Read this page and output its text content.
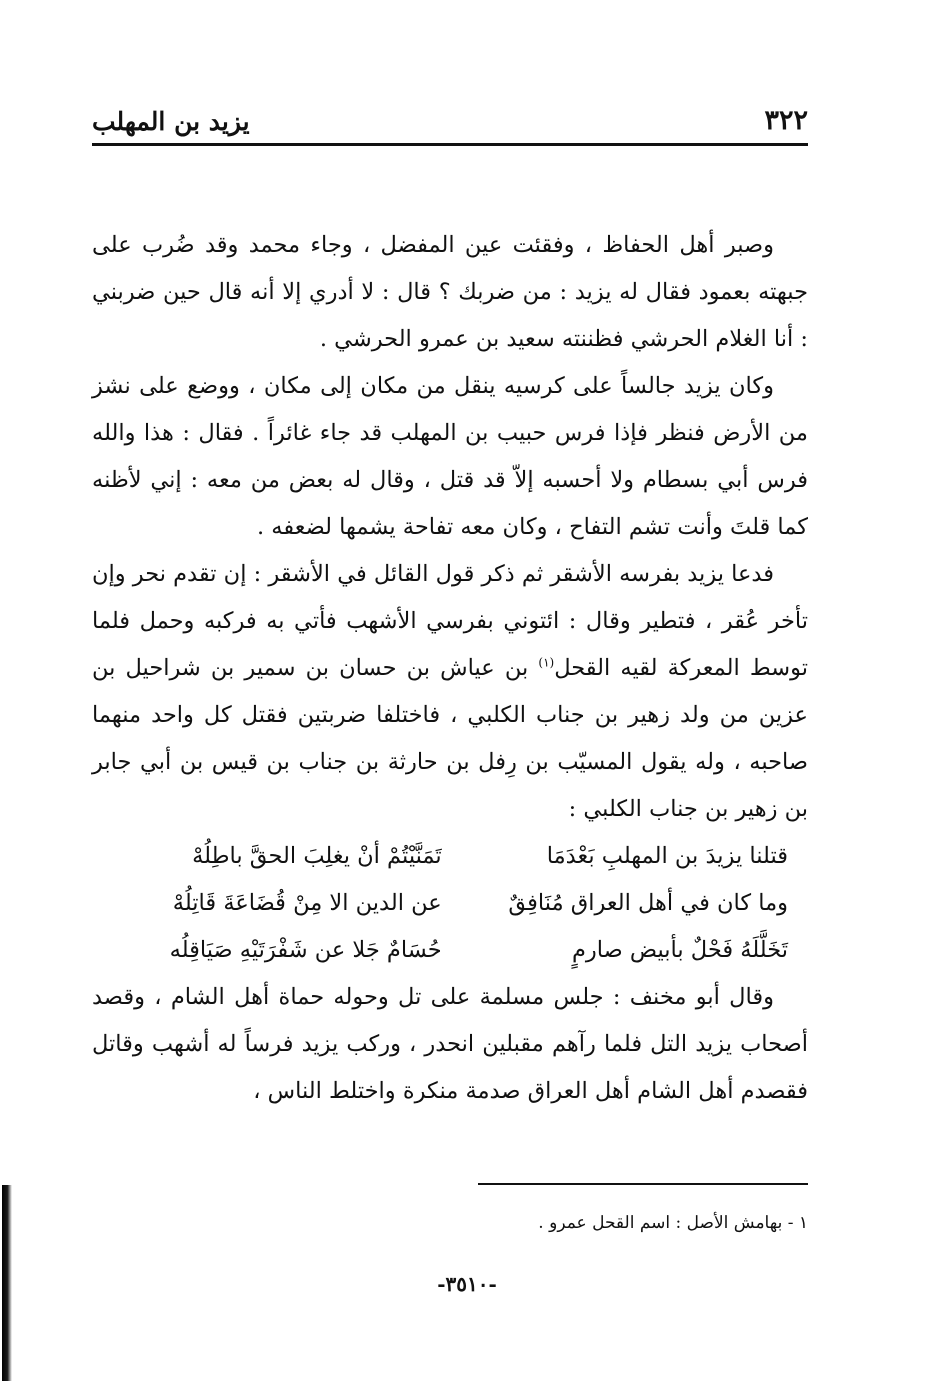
٣٢٢
يزيد بن المهلب

وصبر أهل الحفاظ ، وفقئت عين المفضل ، وجاء محمد وقد ضُرب على جبهته بعمود فقال له يزيد : من ضربك ؟ قال : لا أدري إلا أنه قال حين ضربني : أنا الغلام الحرشي فظننته سعيد بن عمرو الحرشي .

وكان يزيد جالساً على كرسيه ينقل من مكان إلى مكان ، ووضع على نشز من الأرض فنظر فإذا فرس حبيب بن المهلب قد جاء غائراً . فقال : هذا والله فرس أبي بسطام ولا أحسبه إلاّ قد قتل ، وقال له بعض من معه : إني لأظنه كما قلتَ وأنت تشم التفاح ، وكان معه تفاحة يشمها لضعفه .

فدعا يزيد بفرسه الأشقر ثم ذكر قول القائل في الأشقر : إن تقدم نحر وإن تأخر عُقر ، فتطير وقال : ائتوني بفرسي الأشهب فأتي به فركبه وحمل فلما توسط المعركة لقيه القحل$^{(١)}$ بن عياش بن حسان بن سمير بن شراحيل بن عزين من ولد زهير بن جناب الكلبي ، فاختلفا ضربتين فقتل كل واحد منهما صاحبه ، وله يقول المسيّب بن رِفل بن حارثة بن جناب بن قيس بن أبي جابر بن زهير بن جناب الكلبي :

قتلنا يزيدَ بن المهلبِ بَعْدَمَا
تَمَنَّيْتُمْ أنْ يغلِبَ الحقَّ باطِلُهْ
وما كان في أهل العراق مُنَافِقٌ
عن الدين الا مِنْ قُضَاعَةَ قَاتِلُهْ
تَخَلَّلَهُ فَحْلٌ بأبيض صارمٍ
حُسَامٌ جَلا عن شَفْرَتَيْهِ صَيَاقِلُه

وقال أبو مخنف : جلس مسلمة على تل وحوله حماة أهل الشام ، وقصد أصحاب يزيد التل فلما رآهم مقبلين انحدر ، وركب يزيد فرساً له أشهب وقاتل فقصدم أهل الشام أهل العراق صدمة منكرة واختلط الناس ،

١ - بهامش الأصل : اسم القحل عمرو .
-٣٥١٠-
